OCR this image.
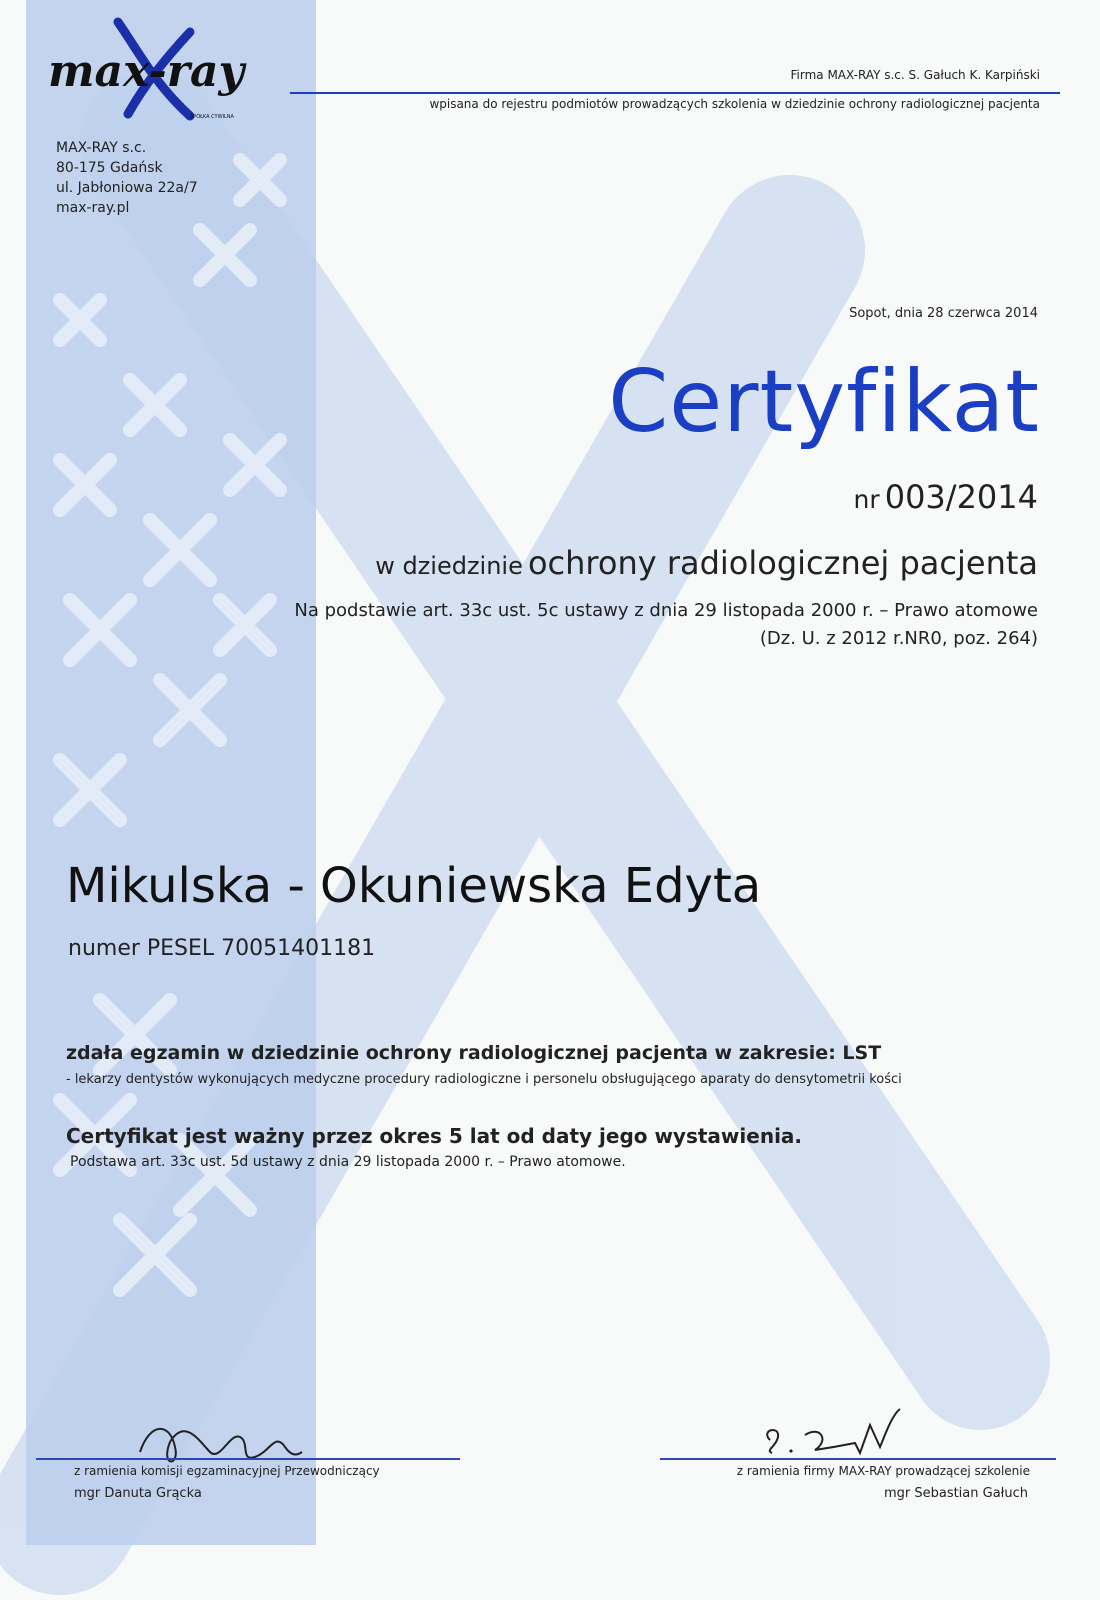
max-ray
SPÓŁKA CYWILNA
MAX-RAY s.c.
80-175 Gdańsk
ul. Jabłoniowa 22a/7
max-ray.pl
Firma MAX-RAY s.c. S. Gałuch K. Karpiński
wpisana do rejestru podmiotów prowadzących szkolenia w dziedzinie ochrony radiologicznej pacjenta
Sopot, dnia 28 czerwca 2014
Certyfikat
nr 003/2014
w dziedzinie ochrony radiologicznej pacjenta
Na podstawie art. 33c ust. 5c ustawy z dnia 29 listopada 2000 r. – Prawo atomowe
(Dz. U. z 2012 r.NR0, poz. 264)
Mikulska - Okuniewska Edyta
numer PESEL 70051401181
zdała egzamin w dziedzinie ochrony radiologicznej pacjenta w zakresie: LST
- lekarzy dentystów wykonujących medyczne procedury radiologiczne i personelu obsługującego aparaty do densytometrii kości
Certyfikat jest ważny przez okres 5 lat od daty jego wystawienia.
Podstawa art. 33c ust. 5d ustawy z dnia 29 listopada 2000 r. – Prawo atomowe.
z ramienia komisji egzaminacyjnej Przewodniczący
mgr Danuta Grącka
z ramienia firmy MAX-RAY prowadzącej szkolenie
mgr Sebastian Gałuch
